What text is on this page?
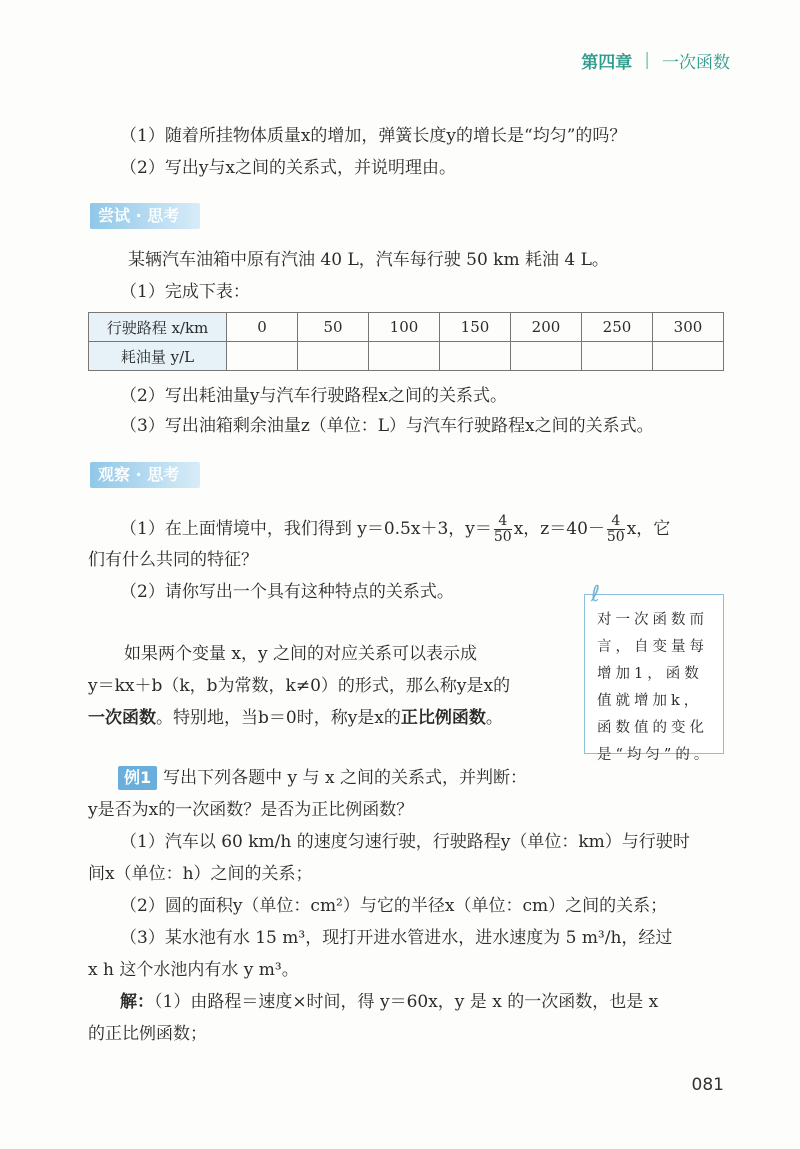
第四章 | 一次函数
（1）随着所挂物体质量x的增加，弹簧长度y的增长是“均匀”的吗？
（2）写出y与x之间的关系式，并说明理由。
尝试 · 思考
某辆汽车油箱中原有汽油 40 L，汽车每行驶 50 km 耗油 4 L。
（1）完成下表：
行驶路程 x/km	0	50	100	150	200	250	300
耗油量 y/L							
（2）写出耗油量y与汽车行驶路程x之间的关系式。
（3）写出油箱剩余油量z（单位：L）与汽车行驶路程x之间的关系式。
观察 · 思考
（1）在上面情境中，我们得到 y＝0.5x＋3，$y= \frac{4}{50}$ x，$z=40- \frac{4}{50}$ x，它
们有什么共同的特征？
（2）请你写出一个具有这种特点的关系式。
如果两个变量 x，y 之间的对应关系可以表示成
y＝kx＋b（k，b为常数，k≠0）的形式，那么称y是x的
一次函数。特别地，当b＝0时，称y是x的正比例函数。
ℓ
对一次函数而言，自变量每增加1，函数值就增加k，函数值的变化是“均匀”的。
例1 写出下列各题中 y 与 x 之间的关系式，并判断：
y是否为x的一次函数？是否为正比例函数？
（1）汽车以 60 km/h 的速度匀速行驶，行驶路程y（单位：km）与行驶时
间x（单位：h）之间的关系；
（2）圆的面积y（单位：cm²）与它的半径x（单位：cm）之间的关系；
（3）某水池有水 15 m³，现打开进水管进水，进水速度为 5 m³/h，经过
x h 这个水池内有水 y m³。
解：（1）由路程＝速度×时间，得 y＝60x，y 是 x 的一次函数，也是 x
的正比例函数；
081
